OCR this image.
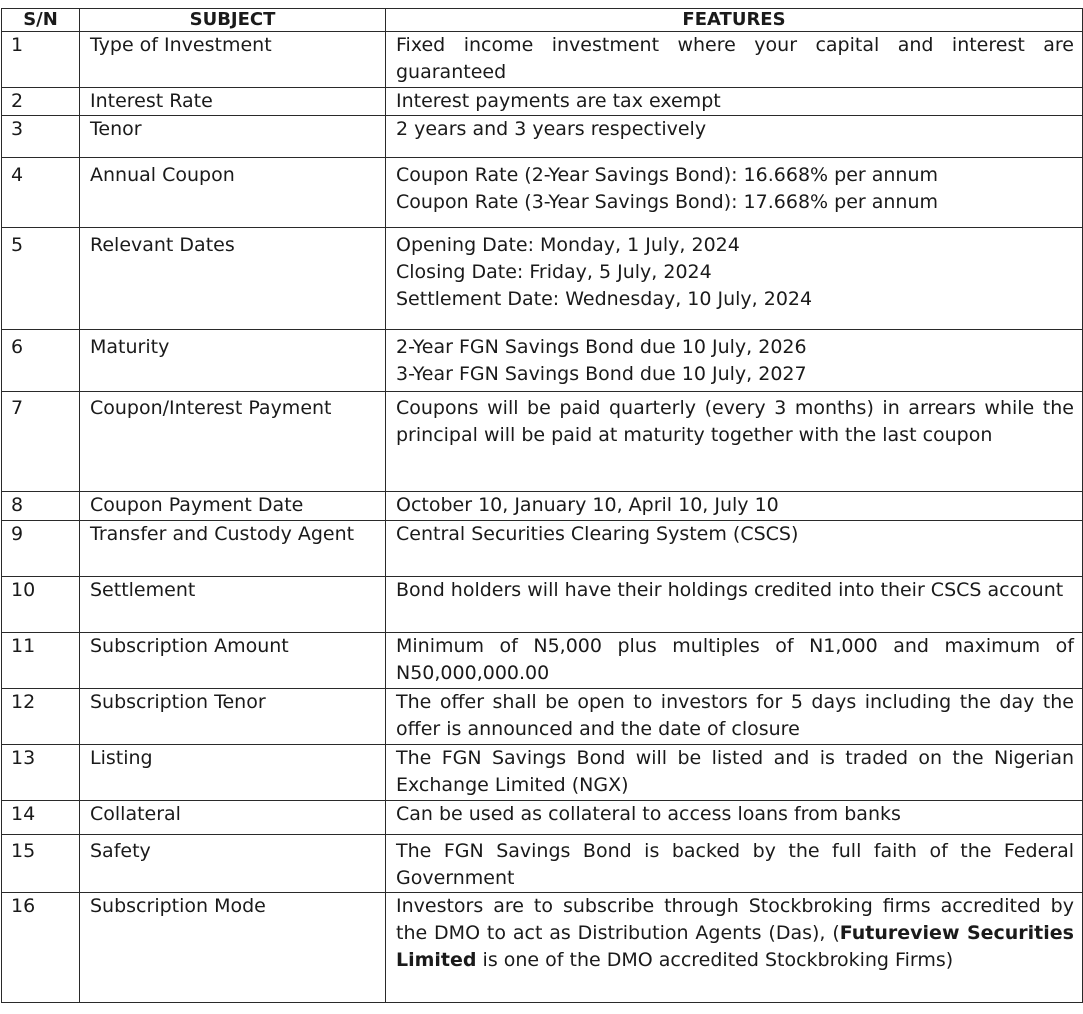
S/N	SUBJECT	FEATURES
1	Type of Investment	Fixed income investment where your capital and interest are guaranteed

2	Interest Rate	Interest payments are tax exempt

3	Tenor	2 years and 3 years respectively

4	Annual Coupon	Coupon Rate (2-Year Savings Bond): 16.668% per annum
Coupon Rate (3-Year Savings Bond): 17.668% per annum

5	Relevant Dates	Opening Date: Monday, 1 July, 2024
Closing Date: Friday, 5 July, 2024
Settlement Date: Wednesday, 10 July, 2024

6	Maturity	2-Year FGN Savings Bond due 10 July, 2026
3-Year FGN Savings Bond due 10 July, 2027

7	Coupon/Interest Payment	Coupons will be paid quarterly (every 3 months) in arrears while the principal will be paid at maturity together with the last coupon

8	Coupon Payment Date	October 10, January 10, April 10, July 10

9	Transfer and Custody Agent	Central Securities Clearing System (CSCS)

10	Settlement	Bond holders will have their holdings credited into their CSCS account

11	Subscription Amount	Minimum of N5,000 plus multiples of N1,000 and maximum of N50,000,000.00

12	Subscription Tenor	The offer shall be open to investors for 5 days including the day the offer is announced and the date of closure

13	Listing	The FGN Savings Bond will be listed and is traded on the Nigerian Exchange Limited (NGX)

14	Collateral	Can be used as collateral to access loans from banks

15	Safety	The FGN Savings Bond is backed by the full faith of the Federal Government

16	Subscription Mode	Investors are to subscribe through Stockbroking firms accredited by the DMO to act as Distribution Agents (Das), (Futureview Securities Limited is one of the DMO accredited Stockbroking Firms)
